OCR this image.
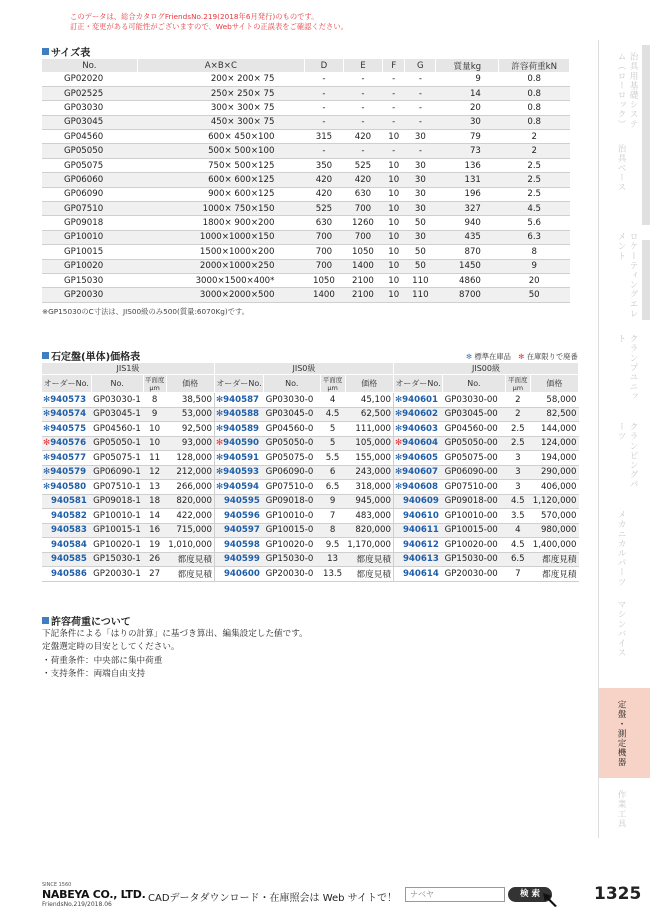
このデータは、総合カタログFriendsNo.219(2018年6月発行)のものです。
訂正・変更がある可能性がございますので、Webサイトの正誤表をご確認ください。
サイズ表
No.	A×B×C	D	E	F	G	質量kg	許容荷重kN
GP02020	200× 200× 75	-	-	-	-	9	0.8
GP02525	250× 250× 75	-	-	-	-	14	0.8
GP03030	300× 300× 75	-	-	-	-	20	0.8
GP03045	450× 300× 75	-	-	-	-	30	0.8
GP04560	600× 450×100	315	420	10	30	79	2
GP05050	500× 500×100	-	-	-	-	73	2
GP05075	750× 500×125	350	525	10	30	136	2.5
GP06060	600× 600×125	420	420	10	30	131	2.5
GP06090	900× 600×125	420	630	10	30	196	2.5
GP07510	1000× 750×150	525	700	10	30	327	4.5
GP09018	1800× 900×200	630	1260	10	50	940	5.6
GP10010	1000×1000×150	700	700	10	30	435	6.3
GP10015	1500×1000×200	700	1050	10	50	870	8
GP10020	2000×1000×250	700	1400	10	50	1450	9
GP15030	3000×1500×400*	1050	2100	10	110	4860	20
GP20030	3000×2000×500	1400	2100	10	110	8700	50
※GP15030のC寸法は、JIS00級のみ500(質量:6070Kg)です。
石定盤(単体)価格表	✻ 標準在庫品　 ✻ 在庫限りで廃番
JIS1級				JIS0級				JIS00級			
オーダーNo.	No.	平面度μm	価格	オーダーNo.	No.	平面度μm	価格	オーダーNo.	No.	平面度μm	価格
✻940573	GP03030-1	8	38,500	✻940587	GP03030-0	4	45,100	✻940601	GP03030-00	2	58,000
✻940574	GP03045-1	9	53,000	✻940588	GP03045-0	4.5	62,500	✻940602	GP03045-00	2	82,500
✻940575	GP04560-1	10	92,500	✻940589	GP04560-0	5	111,000	✻940603	GP04560-00	2.5	144,000
✻940576	GP05050-1	10	93,000	✻940590	GP05050-0	5	105,000	✻940604	GP05050-00	2.5	124,000
✻940577	GP05075-1	11	128,000	✻940591	GP05075-0	5.5	155,000	✻940605	GP05075-00	3	194,000
✻940579	GP06090-1	12	212,000	✻940593	GP06090-0	6	243,000	✻940607	GP06090-00	3	290,000
✻940580	GP07510-1	13	266,000	✻940594	GP07510-0	6.5	318,000	✻940608	GP07510-00	3	406,000
940581	GP09018-1	18	820,000	940595	GP09018-0	9	945,000	940609	GP09018-00	4.5	1,120,000
940582	GP10010-1	14	422,000	940596	GP10010-0	7	483,000	940610	GP10010-00	3.5	570,000
940583	GP10015-1	16	715,000	940597	GP10015-0	8	820,000	940611	GP10015-00	4	980,000
940584	GP10020-1	19	1,010,000	940598	GP10020-0	9.5	1,170,000	940612	GP10020-00	4.5	1,400,000
940585	GP15030-1	26	都度見積	940599	GP15030-0	13	都度見積	940613	GP15030-00	6.5	都度見積
940586	GP20030-1	27	都度見積	940600	GP20030-0	13.5	都度見積	940614	GP20030-00	7	都度見積
許容荷重について
下記条件による「はりの計算」に基づき算出、編集設定した値です。
定盤選定時の目安としてください。
・荷重条件：中央部に集中荷重
・支持条件：両端自由支持
治具用基礎システム（ローロック）
治具ベース
ロケーティングエレメント
クランプユニット
クランピングパーツ
メカニカルパーツ
マシンバイス
定盤・測定機器
作業工具
SINCE 1560
NABEYA CO., LTD.
FriendsNo.219/2018.06
CADデータダウンロード・在庫照会は Web サイトで！	ナベヤ	検 索	1325
